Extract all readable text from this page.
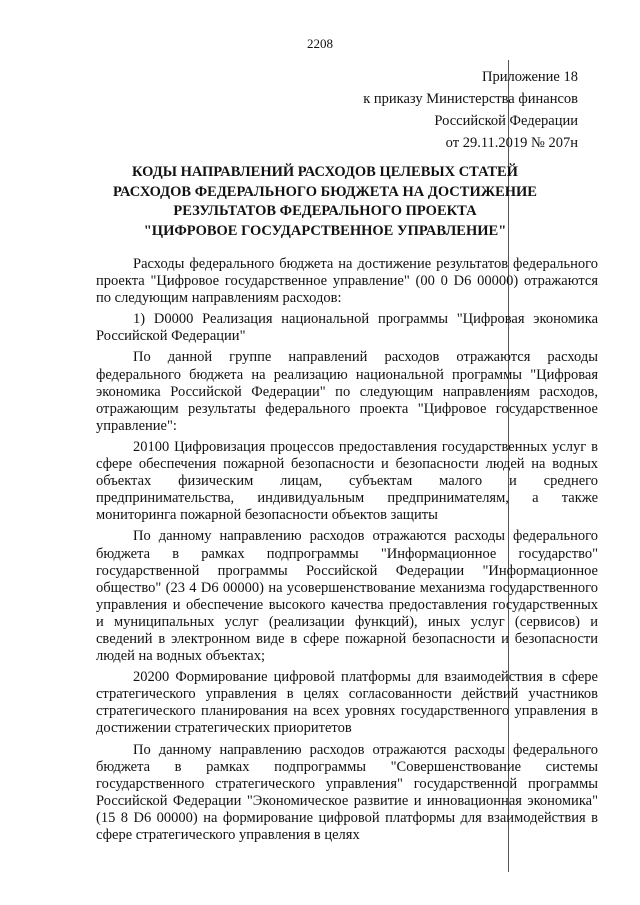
2208
Приложение 18
к приказу Министерства финансов
Российской Федерации
от 29.11.2019 № 207н
КОДЫ НАПРАВЛЕНИЙ РАСХОДОВ ЦЕЛЕВЫХ СТАТЕЙ
РАСХОДОВ ФЕДЕРАЛЬНОГО БЮДЖЕТА НА ДОСТИЖЕНИЕ
РЕЗУЛЬТАТОВ ФЕДЕРАЛЬНОГО ПРОЕКТА
"ЦИФРОВОЕ ГОСУДАРСТВЕННОЕ УПРАВЛЕНИЕ"

Расходы федерального бюджета на достижение результатов федерального проекта "Цифровое государственное управление" (00 0 D6 00000) отражаются по следующим направлениям расходов:

1) D0000 Реализация национальной программы "Цифровая экономика Российской Федерации"

По данной группе направлений расходов отражаются расходы федерального бюджета на реализацию национальной программы "Цифровая экономика Российской Федерации" по следующим направлениям расходов, отражающим результаты федерального проекта "Цифровое государственное управление":

20100 Цифровизация процессов предоставления государственных услуг в сфере обеспечения пожарной безопасности и безопасности людей на водных объектах физическим лицам, субъектам малого и среднего предпринимательства, индивидуальным предпринимателям, а также мониторинга пожарной безопасности объектов защиты

По данному направлению расходов отражаются расходы федерального бюджета в рамках подпрограммы "Информационное государство" государственной программы Российской Федерации "Информационное общество" (23 4 D6 00000) на усовершенствование механизма государственного управления и обеспечение высокого качества предоставления государственных и муниципальных услуг (реализации функций), иных услуг (сервисов) и сведений в электронном виде в сфере пожарной безопасности и безопасности людей на водных объектах;

20200 Формирование цифровой платформы для взаимодействия в сфере стратегического управления в целях согласованности действий участников стратегического планирования на всех уровнях государственного управления в достижении стратегических приоритетов

По данному направлению расходов отражаются расходы федерального бюджета в рамках подпрограммы "Совершенствование системы государственного стратегического управления" государственной программы Российской Федерации "Экономическое развитие и инновационная экономика" (15 8 D6 00000) на формирование цифровой платформы для взаимодействия в сфере стратегического управления в целях
